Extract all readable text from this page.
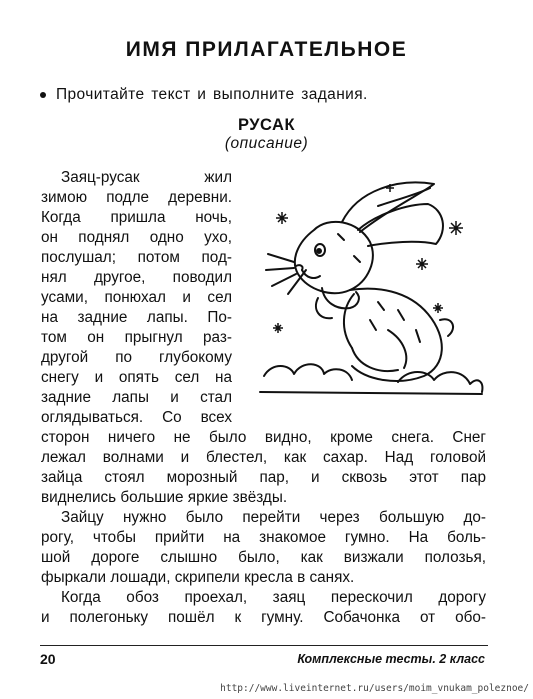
ИМЯ ПРИЛАГАТЕЛЬНОЕ
Прочитайте текст и выполните задания.
РУСАК
(описание)
Заяц-русак жил
зимою подле деревни.
Когда пришла ночь,
он поднял одно ухо,
послушал; потом под-
нял другое, поводил
усами, понюхал и сел
на задние лапы. По-
том он прыгнул раз-
другой по глубокому
снегу и опять сел на
задние лапы и стал
оглядываться. Со всех
сторон ничего не было видно, кроме снега. Снег
лежал волнами и блестел, как сахар. Над головой
зайца стоял морозный пар, и сквозь этот пар
виднелись большие яркие звёзды.
Зайцу нужно было перейти через большую до-
рогу, чтобы прийти на знакомое гумно. На боль-
шой дороге слышно было, как визжали полозья,
фыркали лошади, скрипели кресла в санях.
Когда обоз проехал, заяц перескочил дорогу
и полегоньку пошёл к гумну. Собачонка от обо-
20	Комплексные тесты. 2 класс
http://www.liveinternet.ru/users/moim_vnukam_poleznoe/
